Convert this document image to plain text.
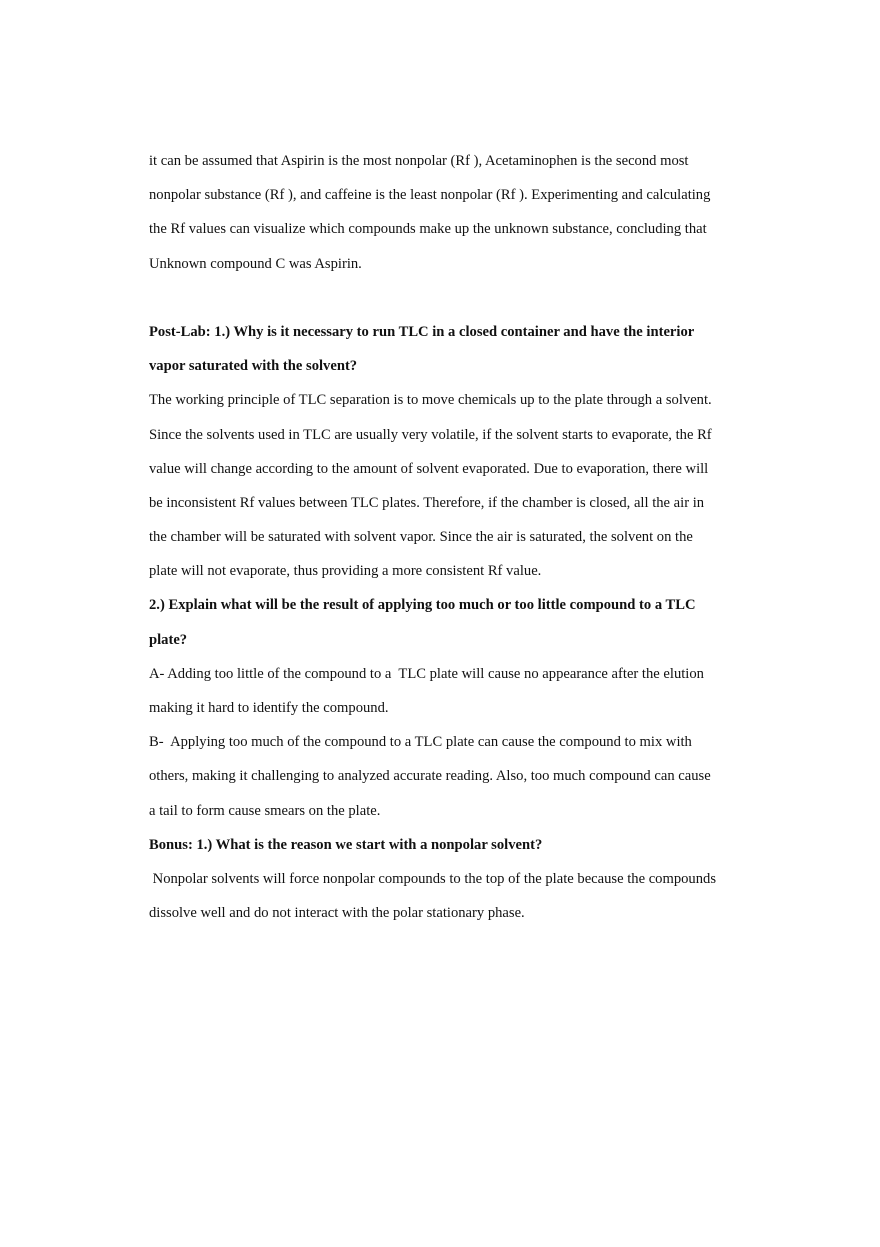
it can be assumed that Aspirin is the most nonpolar (Rf ), Acetaminophen is the second most
nonpolar substance (Rf ), and caffeine is the least nonpolar (Rf ). Experimenting and calculating
the Rf values can visualize which compounds make up the unknown substance, concluding that
Unknown compound C was Aspirin.
Post-Lab: 1.) Why is it necessary to run TLC in a closed container and have the interior
vapor saturated with the solvent?
The working principle of TLC separation is to move chemicals up to the plate through a solvent.
Since the solvents used in TLC are usually very volatile, if the solvent starts to evaporate, the Rf
value will change according to the amount of solvent evaporated. Due to evaporation, there will
be inconsistent Rf values between TLC plates. Therefore, if the chamber is closed, all the air in
the chamber will be saturated with solvent vapor. Since the air is saturated, the solvent on the
plate will not evaporate, thus providing a more consistent Rf value.
2.) Explain what will be the result of applying too much or too little compound to a TLC
plate?
A- Adding too little of the compound to a  TLC plate will cause no appearance after the elution
making it hard to identify the compound.
B-  Applying too much of the compound to a TLC plate can cause the compound to mix with
others, making it challenging to analyzed accurate reading. Also, too much compound can cause
a tail to form cause smears on the plate.
Bonus: 1.) What is the reason we start with a nonpolar solvent?
Nonpolar solvents will force nonpolar compounds to the top of the plate because the compounds
dissolve well and do not interact with the polar stationary phase.
